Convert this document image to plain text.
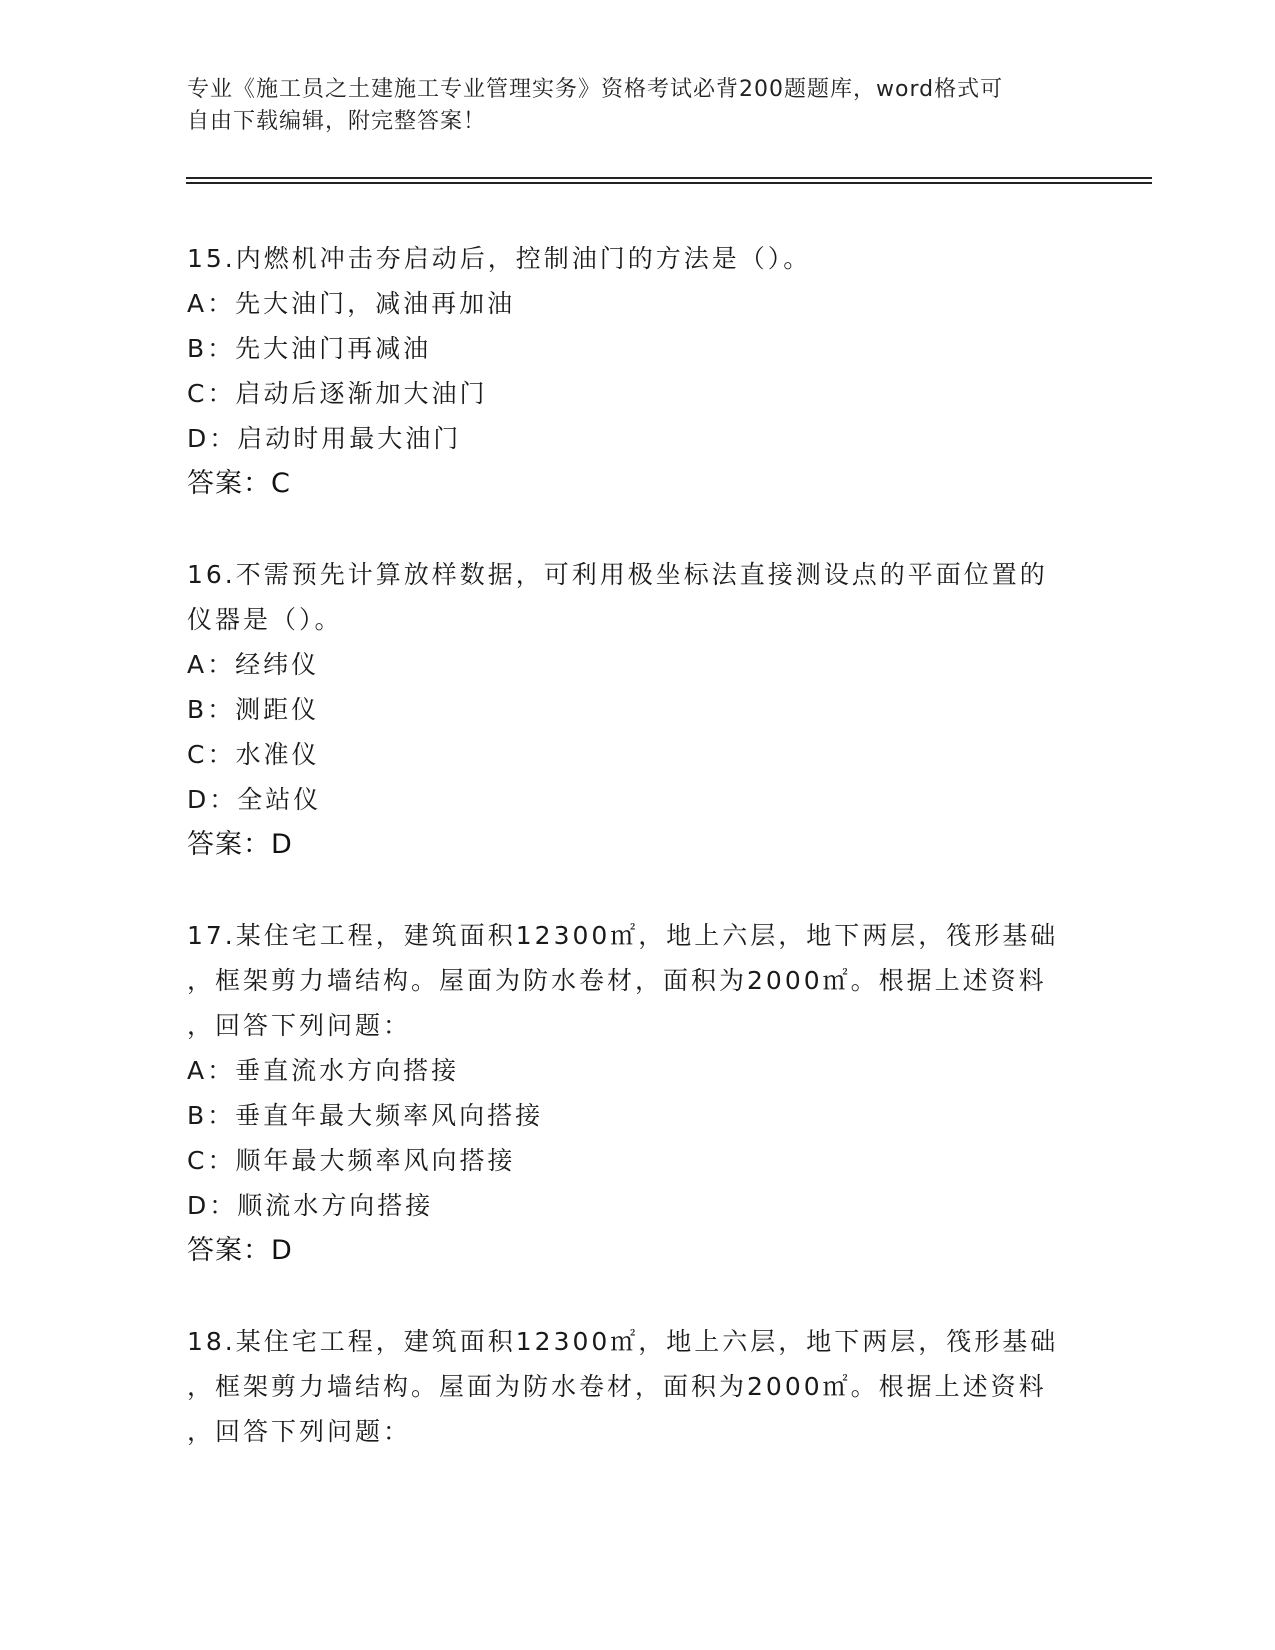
专业《施工员之土建施工专业管理实务》资格考试必背200题题库，word格式可
自由下载编辑，附完整答案！
15.内燃机冲击夯启动后，控制油门的方法是（）。
A：先大油门，减油再加油
B：先大油门再减油
C：启动后逐渐加大油门
D：启动时用最大油门
答案：C
16.不需预先计算放样数据，可利用极坐标法直接测设点的平面位置的
仪器是（）。
A：经纬仪
B：测距仪
C：水准仪
D：全站仪
答案：D
17.某住宅工程，建筑面积12300㎡，地上六层，地下两层，筏形基础
，框架剪力墙结构。屋面为防水卷材，面积为2000㎡。根据上述资料
，回答下列问题：
A：垂直流水方向搭接
B：垂直年最大频率风向搭接
C：顺年最大频率风向搭接
D：顺流水方向搭接
答案：D
18.某住宅工程，建筑面积12300㎡，地上六层，地下两层，筏形基础
，框架剪力墙结构。屋面为防水卷材，面积为2000㎡。根据上述资料
，回答下列问题：
